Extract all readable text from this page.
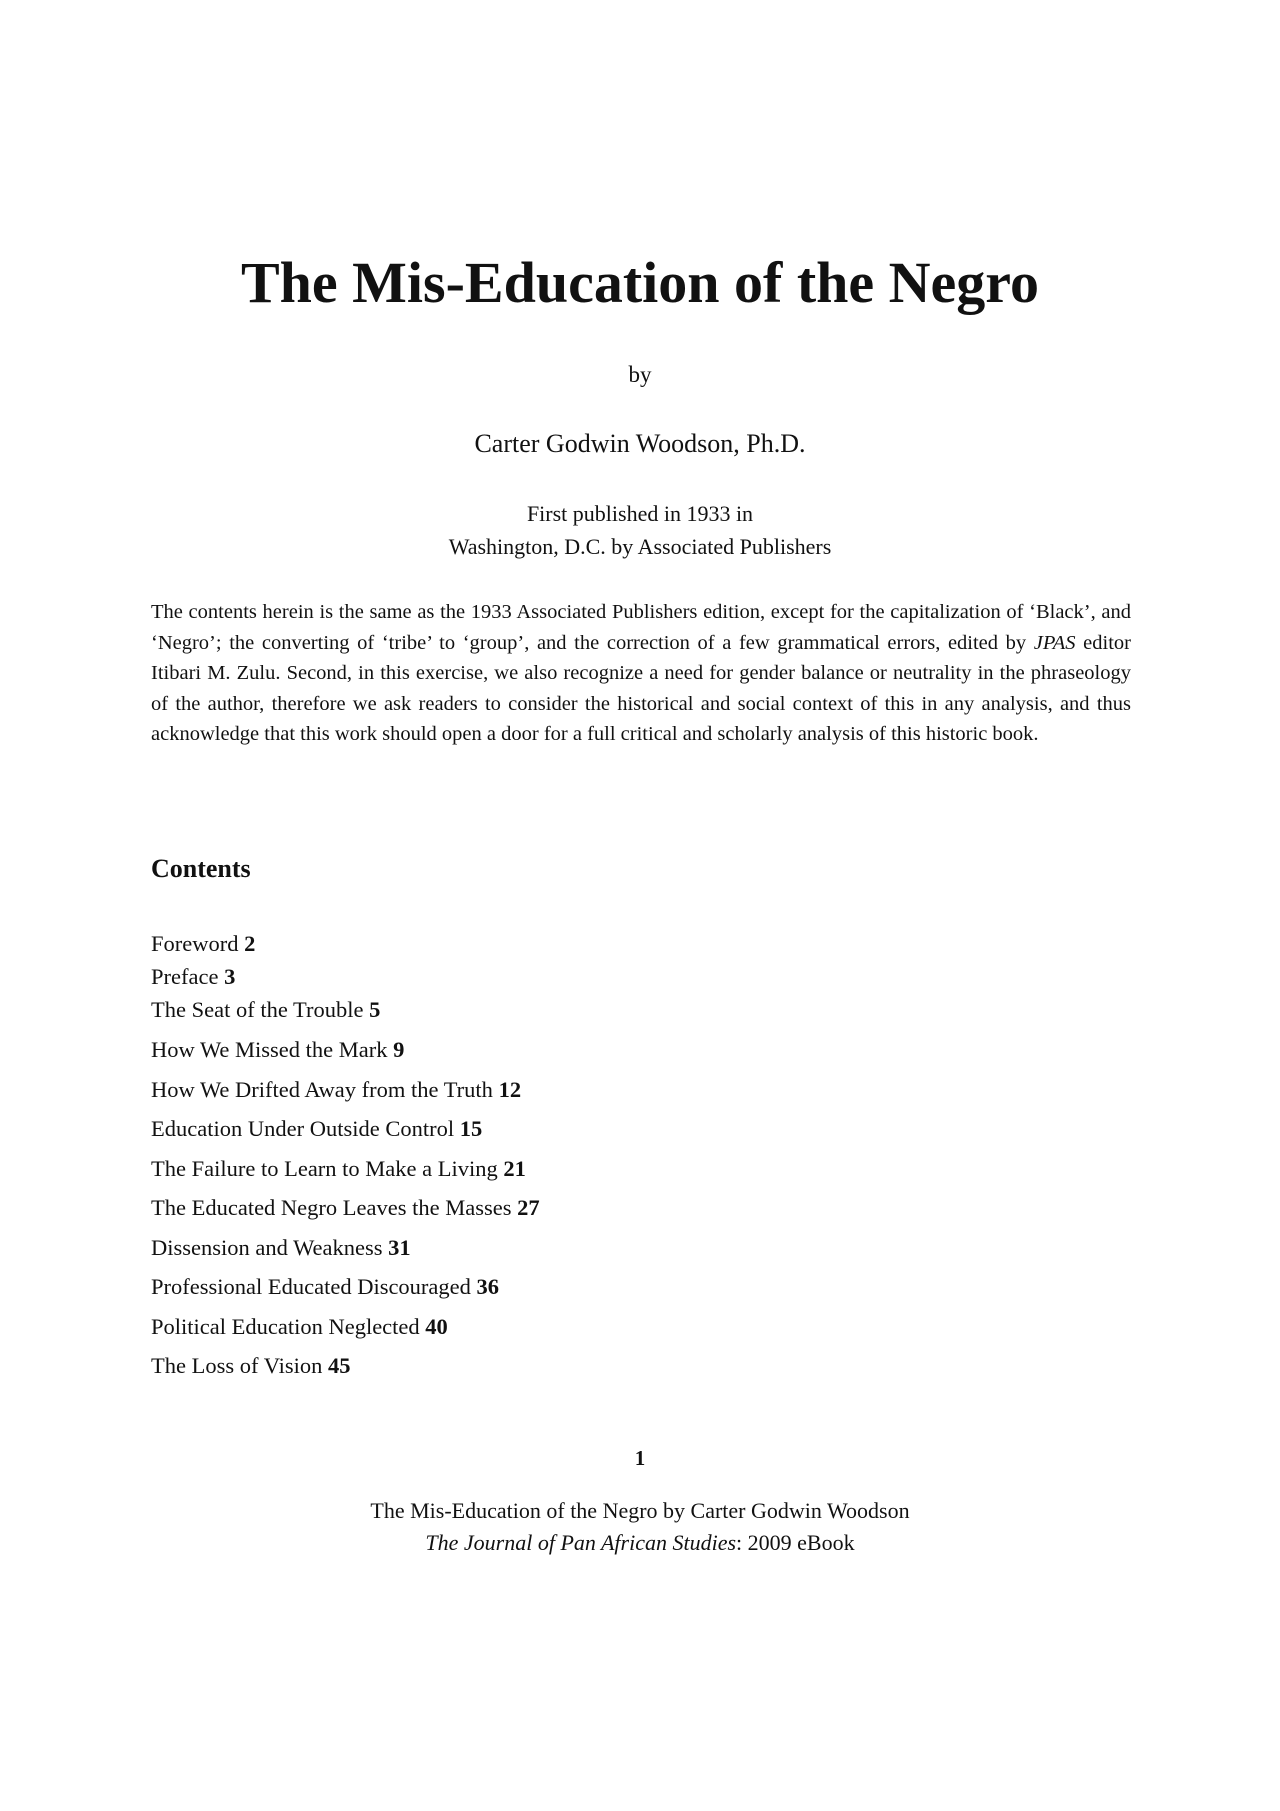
The Mis-Education of the Negro
by
Carter Godwin Woodson, Ph.D.
First published in 1933 in
Washington, D.C. by Associated Publishers

The contents herein is the same as the 1933 Associated Publishers edition, except for the capitalization of ‘Black’, and ‘Negro’; the converting of ‘tribe’ to ‘group’, and the correction of a few grammatical errors, edited by JPAS editor Itibari M. Zulu. Second, in this exercise, we also recognize a need for gender balance or neutrality in the phraseology of the author, therefore we ask readers to consider the historical and social context of this in any analysis, and thus acknowledge that this work should open a door for a full critical and scholarly analysis of this historic book.

Contents
Foreword 2
Preface 3
The Seat of the Trouble 5
How We Missed the Mark 9
How We Drifted Away from the Truth 12
Education Under Outside Control 15
The Failure to Learn to Make a Living 21
The Educated Negro Leaves the Masses 27
Dissension and Weakness 31
Professional Educated Discouraged 36
Political Education Neglected 40
The Loss of Vision 45
1
The Mis-Education of the Negro by Carter Godwin Woodson
The Journal of Pan African Studies: 2009 eBook
